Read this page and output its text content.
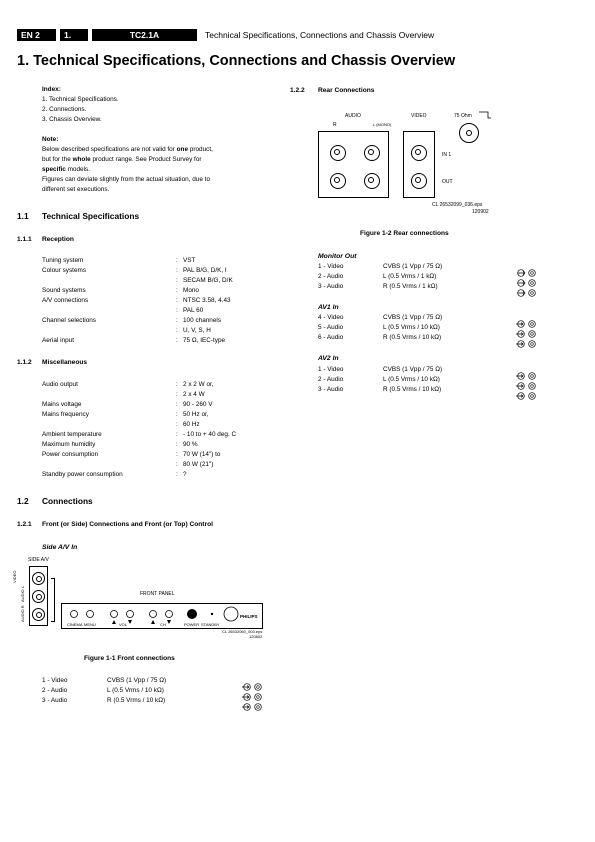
EN 2	1.	TC2.1A	Technical Specifications, Connections and Chassis Overview
1. Technical Specifications, Connections and Chassis Overview
Index:
1. Technical Specifications.
2. Connections.
3. Chassis Overview.
Note:
Below described specifications are not valid for one product,
but for the whole product range. See Product Survey for
specific models.
Figures can deviate slightly from the actual situation, due to
different set executions.
1.1 Technical Specifications
1.1.1 Reception
Tuning system	: VST
Colour systems	: PAL B/G, D/K, I
: SECAM B/G, D/K
Sound systems	: Mono
A/V connections	: NTSC 3.58, 4.43
: PAL 60
Channel selections	: 100 channels
: U, V, S, H
Aerial input	: 75 Ω, IEC-type
1.1.2 Miscellaneous
Audio output	: 2 x 2 W or,
: 2 x 4 W
Mains voltage	: 90 - 260 V
Mains frequency	: 50 Hz or,
: 60 Hz
Ambient temperature	: - 10 to + 40 deg. C
Maximum humidity	: 90 %
Power consumption	: 70 W (14") to
: 80 W (21")
Standby power consumption	: ?
1.2 Connections
1.2.1 Front (or Side) Connections and Front (or Top) Control
Side A/V In
SIDE A/V
VIDEO
AUDIO L
AUDIO R
FRONT PANEL
CINEMA MENU	VOL	CH	STANDBY
POWER
PHILIPS
CL 26532060_003.eps
120802
Figure 1-1 Front connections
1 - Video	CVBS (1 Vpp / 75 Ω)
2 - Audio	L (0.5 Vrms / 10 kΩ)
3 - Audio	R (0.5 Vrms / 10 kΩ)
1.2.2 Rear Connections
AUDIO
R	L (MONO)
VIDEO	75 Ohm
IN 1
OUT
CL 26532099_036.eps
120902
Figure 1-2 Rear connections
Monitor Out
1 - Video	CVBS (1 Vpp / 75 Ω)
2 - Audio	L (0.5 Vrms / 1 kΩ)
3 - Audio	R (0.5 Vrms / 1 kΩ)
AV1 In
4 - Video	CVBS (1 Vpp / 75 Ω)
5 - Audio	L (0.5 Vrms / 10 kΩ)
6 - Audio	R (0.5 Vrms / 10 kΩ)
AV2 In
1 - Video	CVBS (1 Vpp / 75 Ω)
2 - Audio	L (0.5 Vrms / 10 kΩ)
3 - Audio	R (0.5 Vrms / 10 kΩ)
